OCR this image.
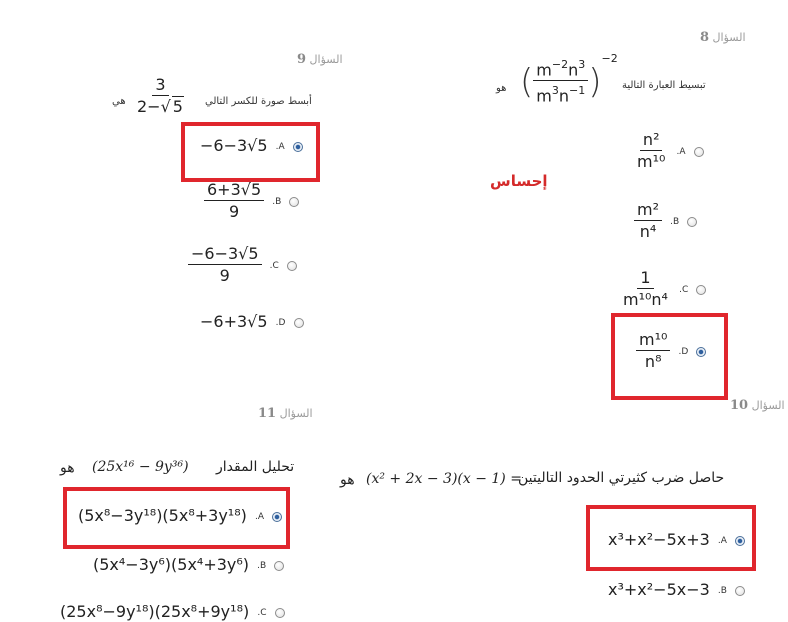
السؤال 8
تبسيط العبارة التالية
هو ( $\frac{m^{-2}n^3}{m^3n^{-1}} )^{-2}$
$\frac{\text{n²}}{\text{m¹⁰}} .A$
$\frac{\text{m²}}{\text{n⁴}} .B$
$\frac{1}{\text{m¹⁰n⁴}} .C$
$\frac{\text{m¹⁰}}{\text{n⁸}} .D$
إحساس
السؤال 9
أبسط صورة للكسر التالي
هي $\frac{3}{2-√ 5}$
−6−3√5 .A
$\frac{6+3√5}{9} .B$
$\frac{-6-3√5}{9} .C$
−6+3√5 .D
السؤال 10
حاصل ضرب كثيرتي الحدود التاليتين
هو (x² + 2x − 3)(x − 1) =
x³+x²−5x+3 .A
x³+x²−5x−3 .B
السؤال 11
تحليل المقدار
هو (25x¹⁶ − 9y³⁶)
(5x⁸−3y¹⁸)(5x⁸+3y¹⁸) .A
(5x⁴−3y⁶)(5x⁴+3y⁶) .B
(25x⁸−9y¹⁸)(25x⁸+9y¹⁸) .C
